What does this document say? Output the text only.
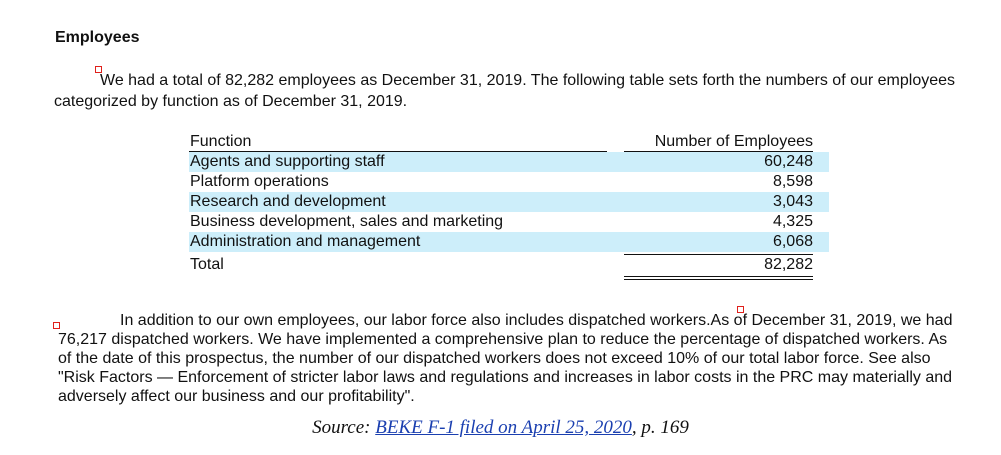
Employees

We had a total of 82,282 employees as December 31, 2019. The following table sets forth the numbers of our employees categorized by function as of December 31, 2019.

Function	Number of Employees
Agents and supporting staff	60,248
Platform operations	8,598
Research and development	3,043
Business development, sales and marketing	4,325
Administration and management	6,068
Total	82,282

In addition to our own employees, our labor force also includes dispatched workers.As of December 31, 2019, we had 76,217 dispatched workers. We have implemented a comprehensive plan to reduce the percentage of dispatched workers. As of the date of this prospectus, the number of our dispatched workers does not exceed 10% of our total labor force. See also "Risk Factors — Enforcement of stricter labor laws and regulations and increases in labor costs in the PRC may materially and adversely affect our business and our profitability".

Source: BEKE F-1 filed on April 25, 2020, p. 169
